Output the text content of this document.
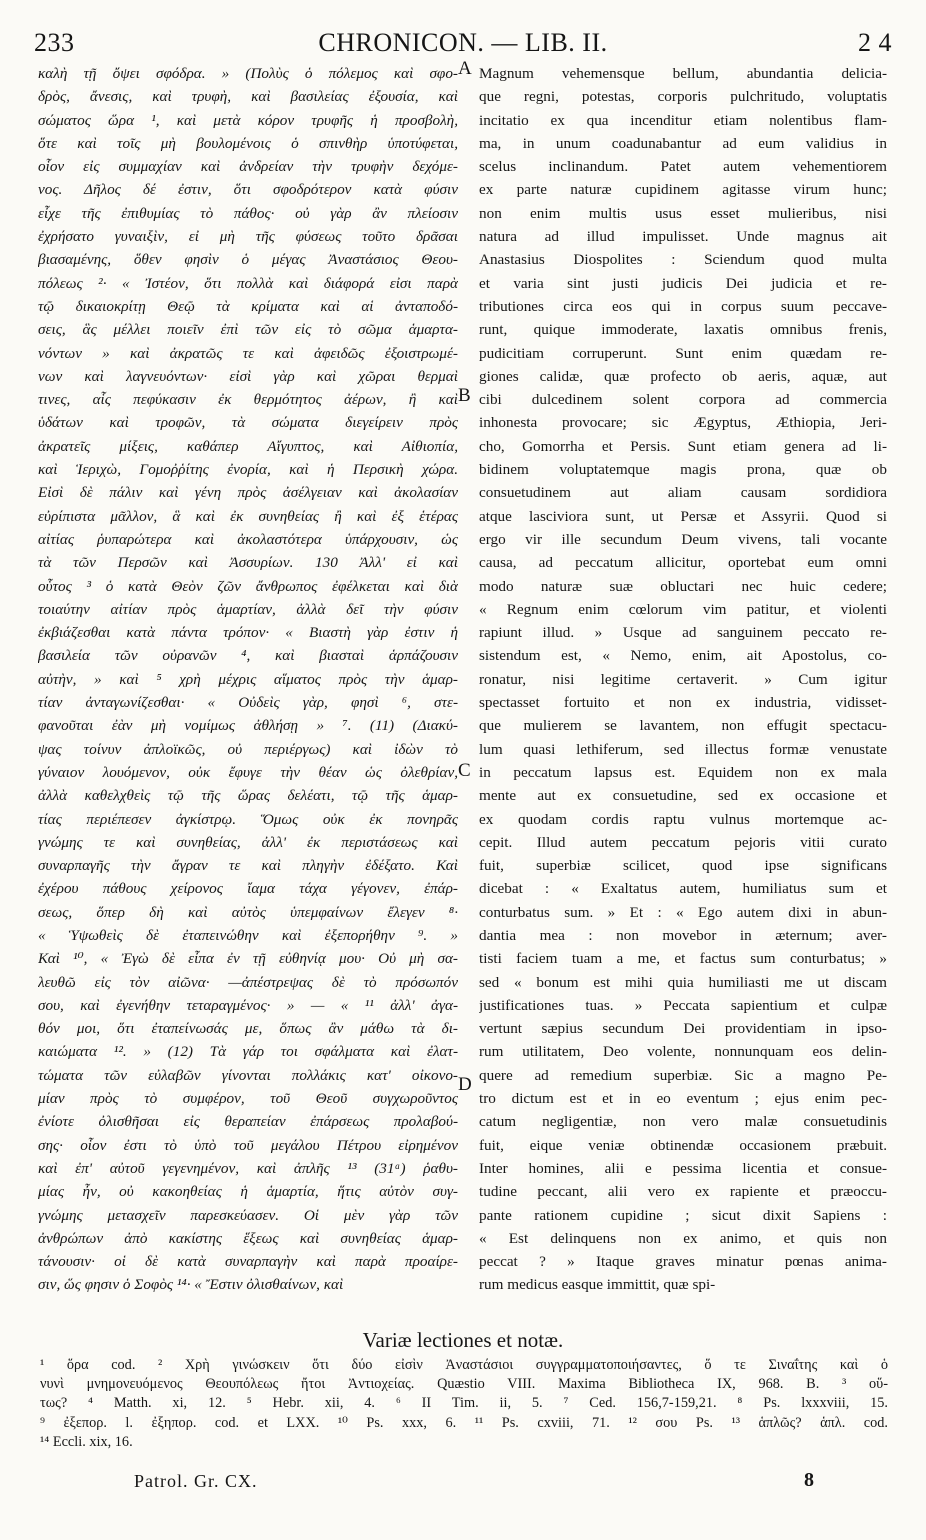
233	CHRONICON. — LIB. II.	2 4
καλὴ τῇ ὄψει σφόδρα. » (Πολὺς ὁ πόλεμος καὶ σφο-
δρὸς, ἄνεσις, καὶ τρυφὴ, καὶ βασιλείας ἐξουσία, καὶ
σώματος ὥρα ¹, καὶ μετὰ κόρον τρυφῆς ἡ προσβολὴ,
ὅτε καὶ τοῖς μὴ βουλομένοις ὁ σπινθὴρ ὑποτύφεται,
οἷον εἰς συμμαχίαν καὶ ἀνδρείαν τὴν τρυφὴν δεχόμε-
νος. Δῆλος δέ ἐστιν, ὅτι σφοδρότερον κατὰ φύσιν
εἶχε τῆς ἐπιθυμίας τὸ πάθος· οὐ γὰρ ἂν πλείοσιν
ἐχρήσατο γυναιξὶν, εἰ μὴ τῆς φύσεως τοῦτο δρᾶσαι
βιασαμένης, ὅθεν φησὶν ὁ μέγας Ἀναστάσιος Θεου-
πόλεως ²· « Ἰστέον, ὅτι πολλὰ καὶ διάφορά εἰσι παρὰ
τῷ δικαιοκρίτῃ Θεῷ τὰ κρίματα καὶ αἱ ἀνταποδό-
σεις, ἃς μέλλει ποιεῖν ἐπὶ τῶν εἰς τὸ σῶμα ἁμαρτα-
νόντων » καὶ ἀκρατῶς τε καὶ ἀφειδῶς ἐξοιστρωμέ-
νων καὶ λαγνευόντων· εἰσὶ γὰρ καὶ χῶραι θερμαὶ
τινες, αἷς πεφύκασιν ἐκ θερμότητος ἀέρων, ἢ καὶ
ὑδάτων καὶ τροφῶν, τὰ σώματα διεγείρειν πρὸς
ἀκρατεῖς μίξεις, καθάπερ Αἴγυπτος, καὶ Αἰθιοπία,
καὶ Ἱεριχὼ, Γομοῤῥίτης ἐνορία, καὶ ἡ Περσικὴ χώρα.
Εἰσὶ δὲ πάλιν καὶ γένη πρὸς ἀσέλγειαν καὶ ἀκολασίαν
εὐρίπιστα μᾶλλον, ἃ καὶ ἐκ συνηθείας ἢ καὶ ἐξ ἑτέρας
αἰτίας ῥυπαρώτερα καὶ ἀκολαστότερα ὑπάρχουσιν, ὡς
τὰ τῶν Περσῶν καὶ Ἀσσυρίων. 130 Ἀλλ' εἰ καὶ
οὗτος ³ ὁ κατὰ Θεὸν ζῶν ἄνθρωπος ἐφέλκεται καὶ διὰ
τοιαύτην αἰτίαν πρὸς ἁμαρτίαν, ἀλλὰ δεῖ τὴν φύσιν
ἐκβιάζεσθαι κατὰ πάντα τρόπον· « Βιαστὴ γὰρ ἐστιν ἡ
βασιλεία τῶν οὐρανῶν ⁴, καὶ βιασταὶ ἁρπάζουσιν
αὐτὴν, » καὶ ⁵ χρὴ μέχρις αἵματος πρὸς τὴν ἁμαρ-
τίαν ἀνταγωνίζεσθαι· « Οὐδεὶς γὰρ, φησὶ ⁶, στε-
φανοῦται ἐὰν μὴ νομίμως ἀθλήσῃ » ⁷. (11) (Διακύ-
ψας τοίνυν ἀπλοϊκῶς, οὐ περιέργως) καὶ ἰδὼν τὸ
γύναιον λουόμενον, οὐκ ἔφυγε τὴν θέαν ὡς ὀλεθρίαν,
ἀλλὰ καθελχθεὶς τῷ τῆς ὥρας δελέατι, τῷ τῆς ἁμαρ-
τίας περιέπεσεν ἀγκίστρῳ. Ὅμως οὐκ ἐκ πονηρᾶς
γνώμης τε καὶ συνηθείας, ἀλλ' ἐκ περιστάσεως καὶ
συναρπαγῆς τὴν ἄγραν τε καὶ πληγὴν ἐδέξατο. Καὶ
ἐχέρου πάθους χείρονος ἴαμα τάχα γέγονεν, ἐπάρ-
σεως, ὅπερ δὴ καὶ αὐτὸς ὑπεμφαίνων ἔλεγεν ⁸·
« Ὑψωθεὶς δὲ ἐταπεινώθην καὶ ἐξεπορήθην ⁹. »
Καὶ ¹⁰, « Ἐγὼ δὲ εἶπα ἐν τῇ εὐθηνίᾳ μου· Οὐ μὴ σα-
λευθῶ εἰς τὸν αἰῶνα· —ἀπέστρεψας δὲ τὸ πρόσωπόν
σου, καὶ ἐγενήθην τεταραγμένος· » — « ¹¹ ἀλλ' ἀγα-
θόν μοι, ὅτι ἐταπείνωσάς με, ὅπως ἂν μάθω τὰ δι-
καιώματα ¹². » (12) Τὰ γάρ τοι σφάλματα καὶ ἐλατ-
τώματα τῶν εὐλαβῶν γίνονται πολλάκις κατ' οἰκονο-
μίαν πρὸς τὸ συμφέρον, τοῦ Θεοῦ συγχωροῦντος
ἐνίοτε ὀλισθῆσαι εἰς θεραπείαν ἐπάρσεως προλαβού-
σης· οἷον ἐστι τὸ ὑπὸ τοῦ μεγάλου Πέτρου εἰρημένον
καὶ ἐπ' αὐτοῦ γεγενημένον, καὶ ἀπλῆς ¹³ (31ᵃ) ῥαθυ-
μίας ἦν, οὐ κακοηθείας ἡ ἁμαρτία, ἥτις αὐτὸν συγ-
γνώμης μετασχεῖν παρεσκεύασεν. Οἱ μὲν γὰρ τῶν
ἀνθρώπων ἀπὸ κακίστης ἕξεως καὶ συνηθείας ἁμαρ-
τάνουσιν· οἱ δὲ κατὰ συναρπαγὴν καὶ παρὰ προαίρε-
σιν, ὥς φησιν ὁ Σοφὸς ¹⁴· « Ἔστιν ὀλισθαίνων, καὶ
Magnum vehemensque bellum, abundantia delicia-
que regni, potestas, corporis pulchritudo, voluptatis
incitatio ex qua incenditur etiam nolentibus flam-
ma, in unum coadunabantur ad eum validius in
scelus inclinandum. Patet autem vehementiorem
ex parte naturæ cupidinem agitasse virum hunc;
non enim multis usus esset mulieribus, nisi
natura ad illud impulisset. Unde magnus ait
Anastasius Diospolites : Sciendum quod multa
et varia sint justi judicis Dei judicia et re-
tributiones circa eos qui in corpus suum peccave-
runt, quique immoderate, laxatis omnibus frenis,
pudicitiam corruperunt. Sunt enim quædam re-
giones calidæ, quæ profecto ob aeris, aquæ, aut
cibi dulcedinem solent corpora ad commercia
inhonesta provocare; sic Ægyptus, Æthiopia, Jeri-
cho, Gomorrha et Persis. Sunt etiam genera ad li-
bidinem voluptatemque magis prona, quæ ob
consuetudinem aut aliam causam sordidiora
atque lasciviora sunt, ut Persæ et Assyrii. Quod si
ergo vir ille secundum Deum vivens, tali vocante
causa, ad peccatum allicitur, oportebat eum omni
modo naturæ suæ obluctari nec huic cedere;
« Regnum enim cœlorum vim patitur, et violenti
rapiunt illud. » Usque ad sanguinem peccato re-
sistendum est, « Nemo, enim, ait Apostolus, co-
ronatur, nisi legitime certaverit. » Cum igitur
spectasset fortuito et non ex industria, vidisset-
que mulierem se lavantem, non effugit spectacu-
lum quasi lethiferum, sed illectus formæ venustate
in peccatum lapsus est. Equidem non ex mala
mente aut ex consuetudine, sed ex occasione et
ex quodam cordis raptu vulnus mortemque ac-
cepit. Illud autem peccatum pejoris vitii curato
fuit, superbiæ scilicet, quod ipse significans
dicebat : « Exaltatus autem, humiliatus sum et
conturbatus sum. » Et : « Ego autem dixi in abun-
dantia mea : non movebor in æternum; aver-
tisti faciem tuam a me, et factus sum conturbatus; »
sed « bonum est mihi quia humiliasti me ut discam
justificationes tuas. » Peccata sapientium et culpæ
vertunt sæpius secundum Dei providentiam in ipso-
rum utilitatem, Deo volente, nonnunquam eos delin-
quere ad remedium superbiæ. Sic a magno Pe-
tro dictum est et in eo eventum ; ejus enim pec-
catum negligentiæ, non vero malæ consuetudinis
fuit, eique veniæ obtinendæ occasionem præbuit.
Inter homines, alii e pessima licentia et consue-
tudine peccant, alii vero ex rapiente et præoccu-
pante rationem cupidine ; sicut dixit Sapiens :
« Est delinquens non ex animo, et quis non
peccat ? » Itaque graves minatur pœnas anima-
rum medicus easque immittit, quæ spi-
A
B
C
D
Variæ lectiones et notæ.
¹ ὅρα cod. ² Χρὴ γινώσκειν ὅτι δύο εἰσὶν Ἀναστάσιοι συγγραμματοποιήσαντες, ὅ τε Σιναΐτης καὶ ὁ
νυνὶ μνημονευόμενος Θεουπόλεως ἤτοι Ἀντιοχείας. Quæstio VIII. Maxima Bibliotheca IX, 968. B. ³ οὕ-
τως? ⁴ Matth. xi, 12. ⁵ Hebr. xii, 4. ⁶ II Tim. ii, 5. ⁷ Ced. 156,7-159,21. ⁸ Ps. lxxxviii, 15.
⁹ ἐξεπορ. l. ἐξηπορ. cod. et LXX. ¹⁰ Ps. xxx, 6. ¹¹ Ps. cxviii, 71. ¹² σου Ps. ¹³ ἁπλῶς? ἁπλ. cod.
¹⁴ Eccli. xix, 16.
Patrol. Gr. CX.	8
